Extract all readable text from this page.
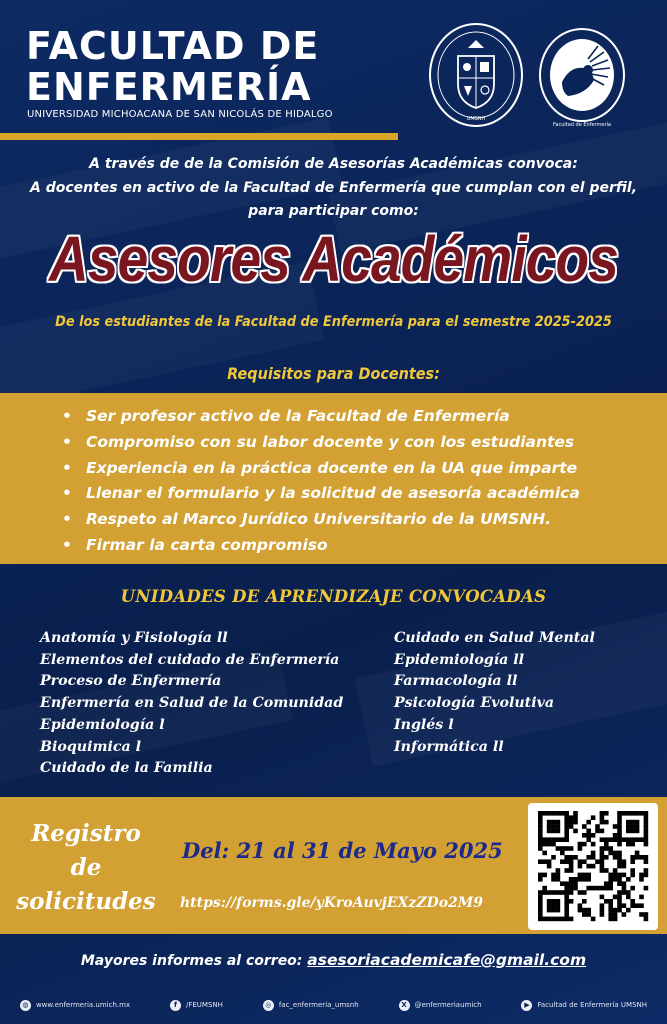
FACULTAD DE
ENFERMERÍA
UNIVERSIDAD MICHOACANA DE SAN NICOLÁS DE HIDALGO	UMSNH
Facultad de Enfermería
A través de de la Comisión de Asesorías Académicas convoca:
A docentes en activo de la Facultad de Enfermería que cumplan con el perfil,
para participar como:
Asesores Académicos
De los estudiantes de la Facultad de Enfermería para el semestre 2025-2025
Requisitos para Docentes:
• Ser profesor activo de la Facultad de Enfermería
• Compromiso con su labor docente y con los estudiantes
• Experiencia en la práctica docente en la UA que imparte
• Llenar el formulario y la solicitud de asesoría académica
• Respeto al Marco Jurídico Universitario de la UMSNH.
• Firmar la carta compromiso
UNIDADES DE APRENDIZAJE CONVOCADAS
Anatomía y Fisiología ll
Elementos del cuidado de Enfermería
Proceso de Enfermería
Enfermería en Salud de la Comunidad
Epidemiología l
Bioquimica l
Cuidado de la Familia
Cuidado en Salud Mental
Epidemiología ll
Farmacología ll
Psicología Evolutiva
Inglés l
Informática ll
Registro
de
solicitudes
Del: 21 al 31 de Mayo 2025
https://forms.gle/yKroAuvjEXzZDo2M9
Mayores informes al correo: asesoriacademicafe@gmail.com
◍	www.enfermeria.umich.mx	f	/FEUMSNH	◎	fac_enfermeria_umsnh	X	@enfermeriaumich	▶	Facultad de Enfermería UMSNH
